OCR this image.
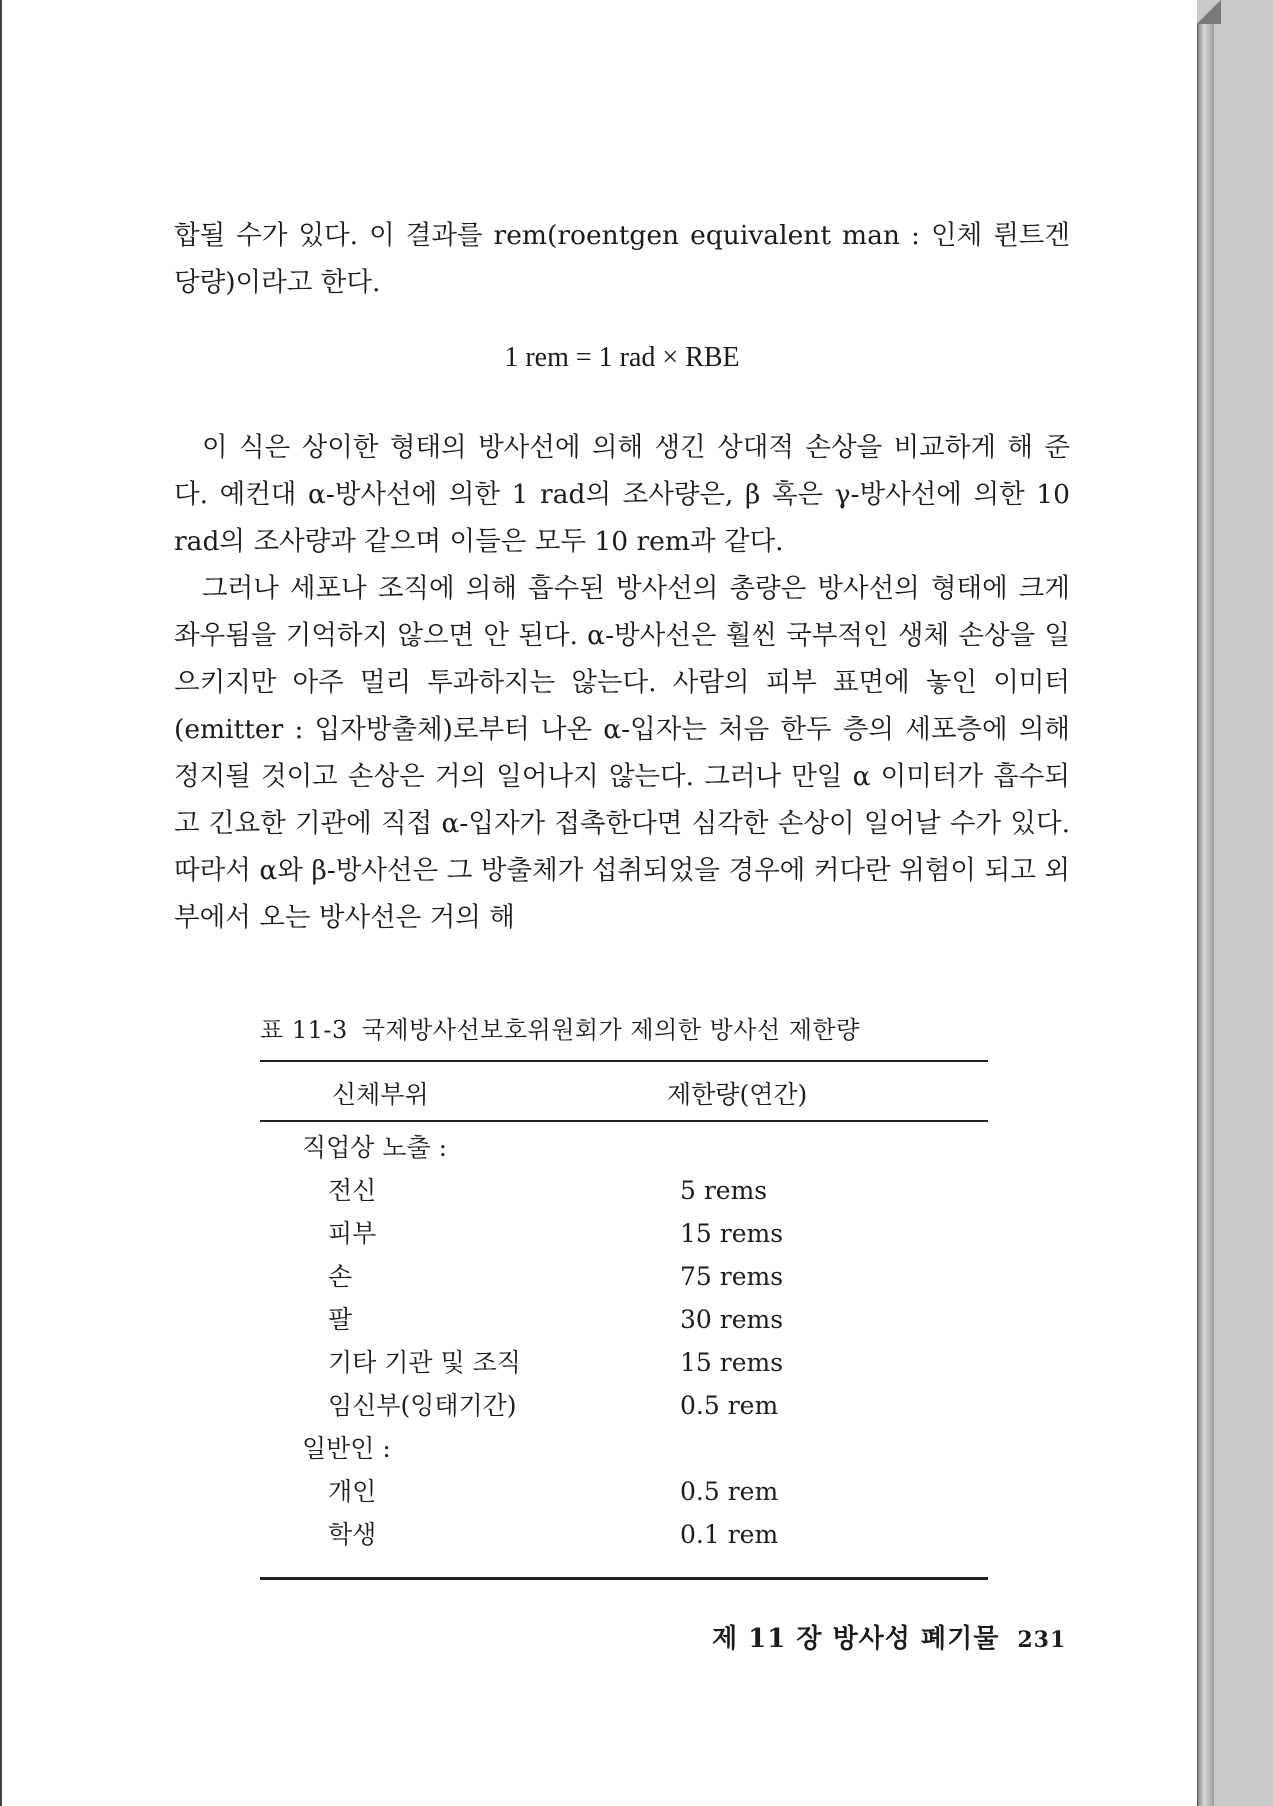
합될 수가 있다. 이 결과를 rem(roentgen equivalent man : 인체 륀트겐 당량)이라고 한다.

1 rem = 1 rad × RBE

이 식은 상이한 형태의 방사선에 의해 생긴 상대적 손상을 비교하게 해 준다. 예컨대 α-방사선에 의한 1 rad의 조사량은, β 혹은 γ-방사선에 의한 10 rad의 조사량과 같으며 이들은 모두 10 rem과 같다.

그러나 세포나 조직에 의해 흡수된 방사선의 총량은 방사선의 형태에 크게 좌우됨을 기억하지 않으면 안 된다. α-방사선은 훨씬 국부적인 생체 손상을 일으키지만 아주 멀리 투과하지는 않는다. 사람의 피부 표면에 놓인 이미터(emitter : 입자방출체)로부터 나온 α-입자는 처음 한두 층의 세포층에 의해 정지될 것이고 손상은 거의 일어나지 않는다. 그러나 만일 α 이미터가 흡수되고 긴요한 기관에 직접 α-입자가 접촉한다면 심각한 손상이 일어날 수가 있다. 따라서 α와 β-방사선은 그 방출체가 섭취되었을 경우에 커다란 위험이 되고 외부에서 오는 방사선은 거의 해

표 11-3 국제방사선보호위원회가 제의한 방사선 제한량
신체부위	제한량(연간)
직업상 노출 :
전신	5 rems
피부	15 rems
손	75 rems
팔	30 rems
기타 기관 및 조직	15 rems
임신부(잉태기간)	0.5 rem
일반인 :
개인	0.5 rem
학생	0.1 rem
제 11 장 방사성 폐기물 231
